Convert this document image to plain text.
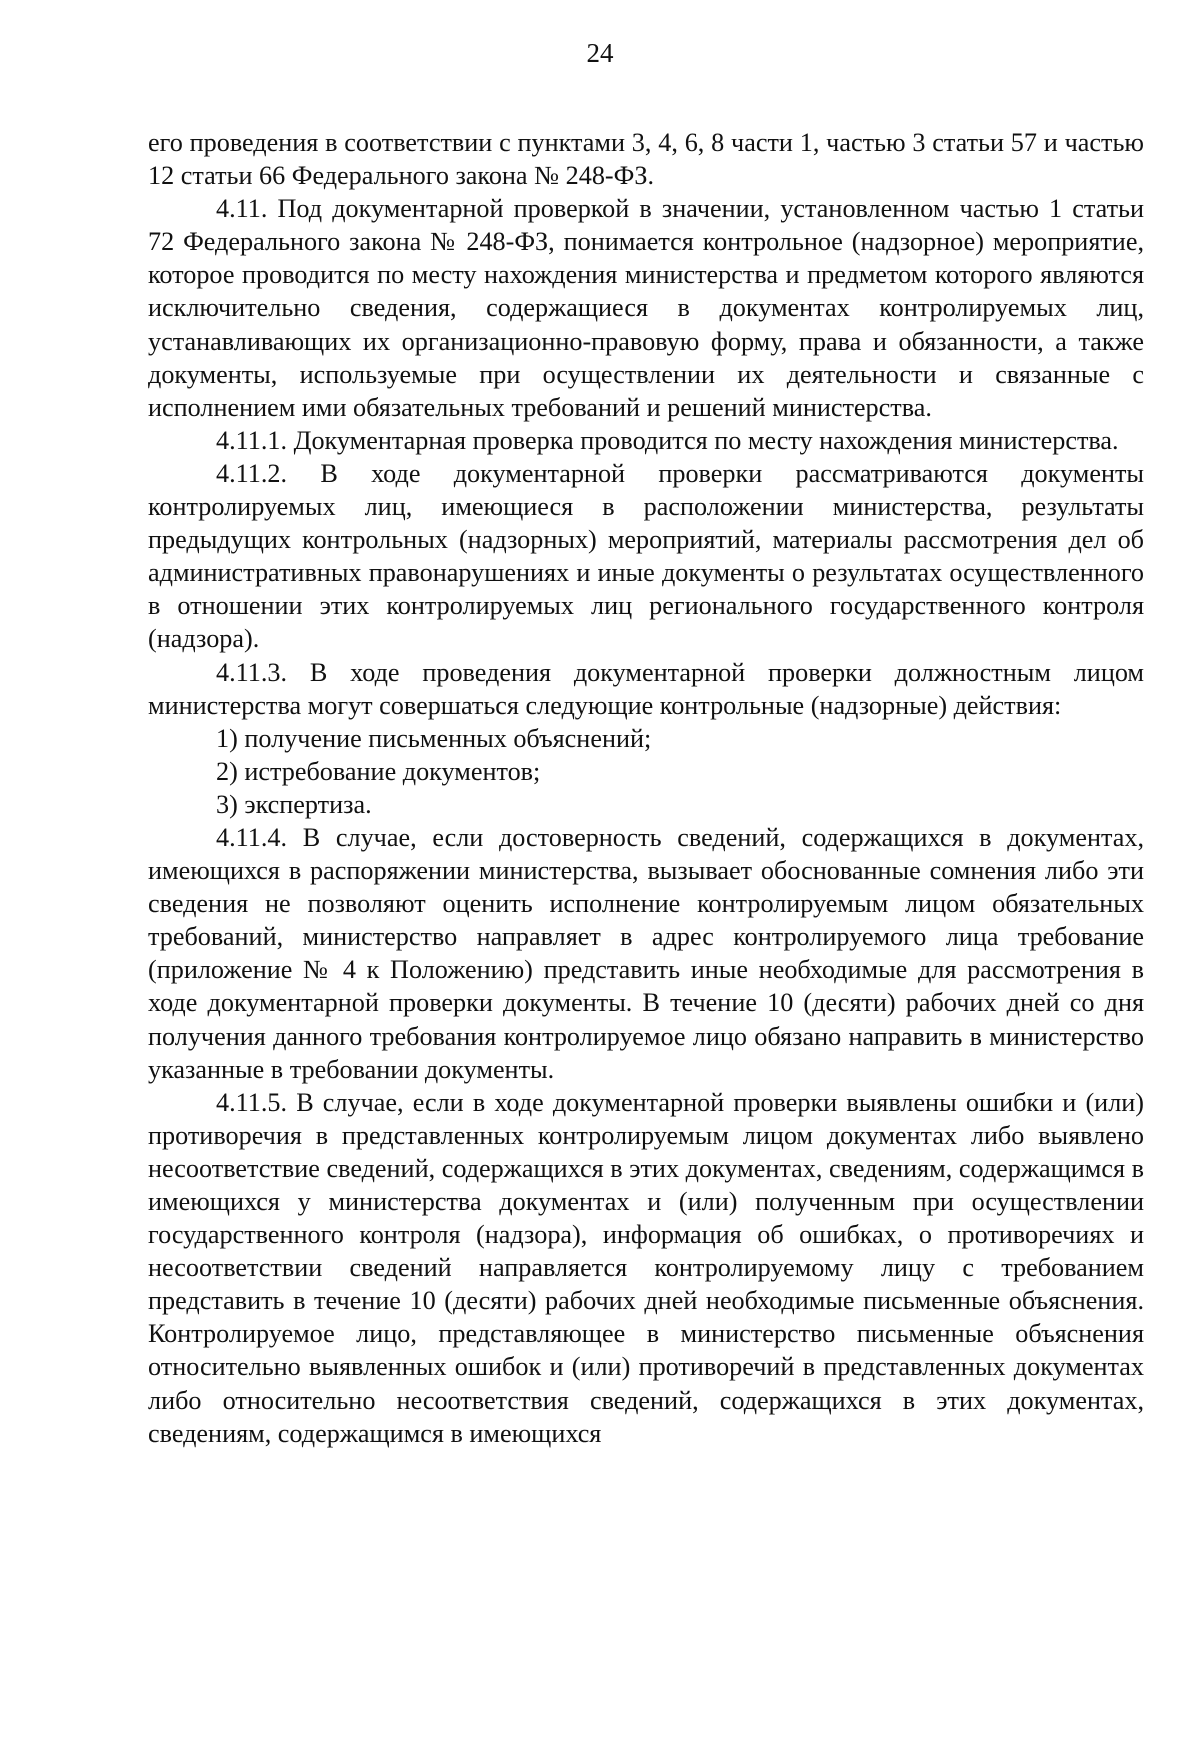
24

его проведения в соответствии с пунктами 3, 4, 6, 8 части 1, частью 3 статьи 57 и частью 12 статьи 66 Федерального закона № 248-ФЗ.

4.11. Под документарной проверкой в значении, установленном частью 1 статьи 72 Федерального закона № 248-ФЗ, понимается контрольное (надзорное) мероприятие, которое проводится по месту нахождения министерства и предметом которого являются исключительно сведения, содержащиеся в документах контролируемых лиц, устанавливающих их организационно-правовую форму, права и обязанности, а также документы, используемые при осуществлении их деятельности и связанные с исполнением ими обязательных требований и решений министерства.

4.11.1. Документарная проверка проводится по месту нахождения министерства.

4.11.2. В ходе документарной проверки рассматриваются документы контролируемых лиц, имеющиеся в расположении министерства, результаты предыдущих контрольных (надзорных) мероприятий, материалы рассмотрения дел об административных правонарушениях и иные документы о результатах осуществленного в отношении этих контролируемых лиц регионального государственного контроля (надзора).

4.11.3. В ходе проведения документарной проверки должностным лицом министерства могут совершаться следующие контрольные (надзорные) действия:

1) получение письменных объяснений;

2) истребование документов;

3) экспертиза.

4.11.4. В случае, если достоверность сведений, содержащихся в документах, имеющихся в распоряжении министерства, вызывает обоснованные сомнения либо эти сведения не позволяют оценить исполнение контролируемым лицом обязательных требований, министерство направляет в адрес контролируемого лица требование (приложение № 4 к Положению) представить иные необходимые для рассмотрения в ходе документарной проверки документы. В течение 10 (десяти) рабочих дней со дня получения данного требования контролируемое лицо обязано направить в министерство указанные в требовании документы.

4.11.5. В случае, если в ходе документарной проверки выявлены ошибки и (или) противоречия в представленных контролируемым лицом документах либо выявлено несоответствие сведений, содержащихся в этих документах, сведениям, содержащимся в имеющихся у министерства документах и (или) полученным при осуществлении государственного контроля (надзора), информация об ошибках, о противоречиях и несоответствии сведений направляется контролируемому лицу с требованием представить в течение 10 (десяти) рабочих дней необходимые письменные объяснения. Контролируемое лицо, представляющее в министерство письменные объяснения относительно выявленных ошибок и (или) противоречий в представленных документах либо относительно несоответствия сведений, содержащихся в этих документах, сведениям, содержащимся в имеющихся
